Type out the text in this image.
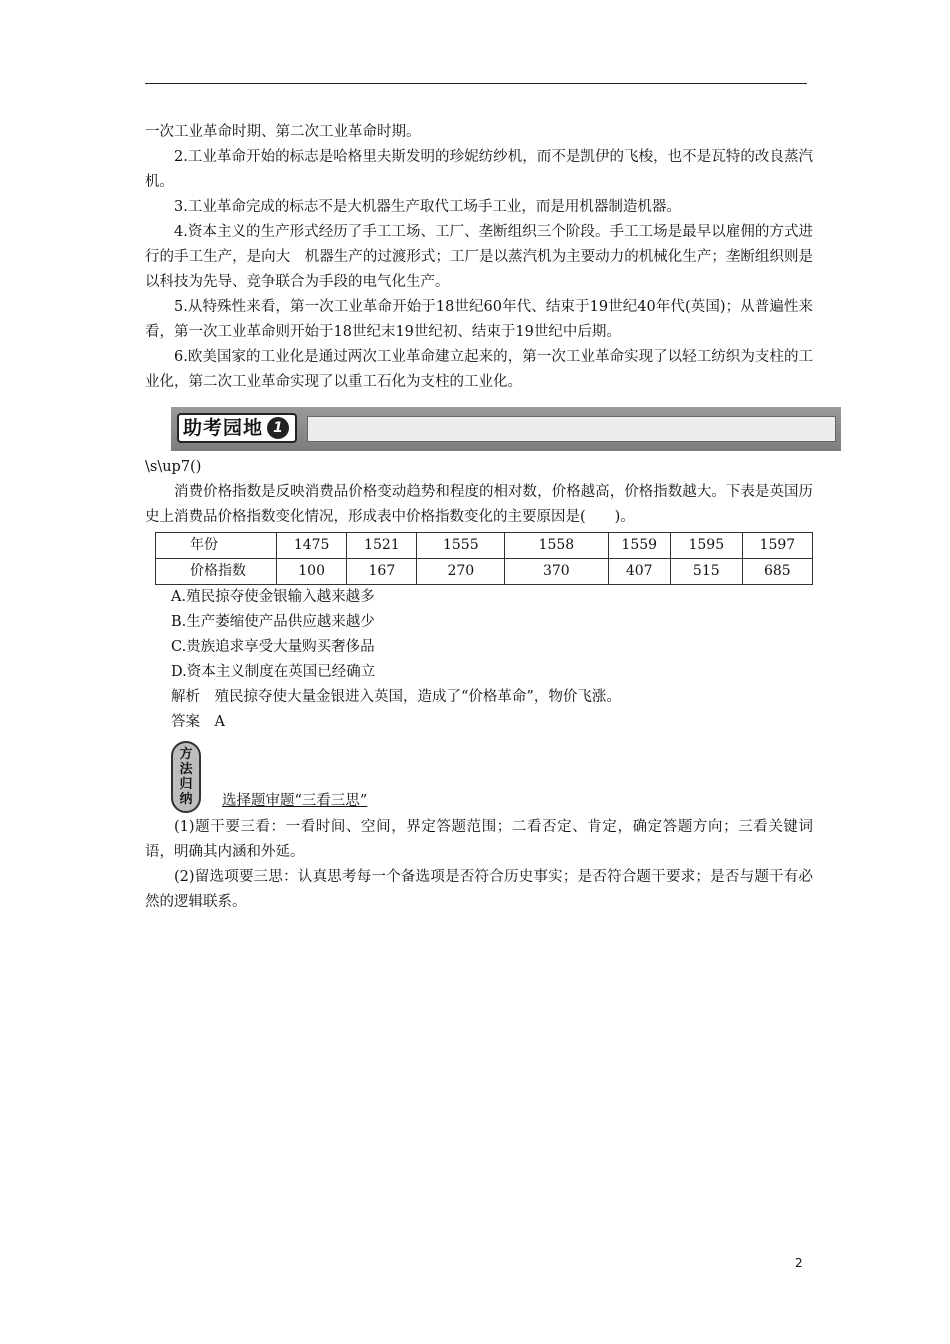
一次工业革命时期、第二次工业革命时期。

2.工业革命开始的标志是哈格里夫斯发明的珍妮纺纱机，而不是凯伊的飞梭，也不是瓦特的改良蒸汽机。

3.工业革命完成的标志不是大机器生产取代工场手工业，而是用机器制造机器。

4.资本主义的生产形式经历了手工工场、工厂、垄断组织三个阶段。手工工场是最早以雇佣的方式进行的手工生产，是向大　机器生产的过渡形式；工厂是以蒸汽机为主要动力的机械化生产；垄断组织则是以科技为先导、竞争联合为手段的电气化生产。

5.从特殊性来看，第一次工业革命开始于18世纪60年代、结束于19世纪40年代(英国)；从普遍性来看，第一次工业革命则开始于18世纪末19世纪初、结束于19世纪中后期。

6.欧美国家的工业化是通过两次工业革命建立起来的，第一次工业革命实现了以轻工纺织为支柱的工业化，第二次工业革命实现了以重工石化为支柱的工业化。

助考园地 1

\s\up7()

消费价格指数是反映消费品价格变动趋势和程度的相对数，价格越高，价格指数越大。下表是英国历史上消费品价格指数变化情况，形成表中价格指数变化的主要原因是(　　)。

年份	1475	1521	1555	1558	1559	1595	1597
价格指数	100	167	270	370	407	515	685

A.殖民掠夺使金银输入越来越多

B.生产萎缩使产品供应越来越少

C.贵族追求享受大量购买奢侈品

D.资本主义制度在英国已经确立

解析　殖民掠夺使大量金银进入英国，造成了“价格革命”，物价飞涨。

答案　A

方
法
归
纳 选择题审题“三看三思”

(1)题干要三看：一看时间、空间，界定答题范围；二看否定、肯定，确定答题方向；三看关键词语，明确其内涵和外延。

(2)留选项要三思：认真思考每一个备选项是否符合历史事实；是否符合题干要求；是否与题干有必然的逻辑联系。

2
